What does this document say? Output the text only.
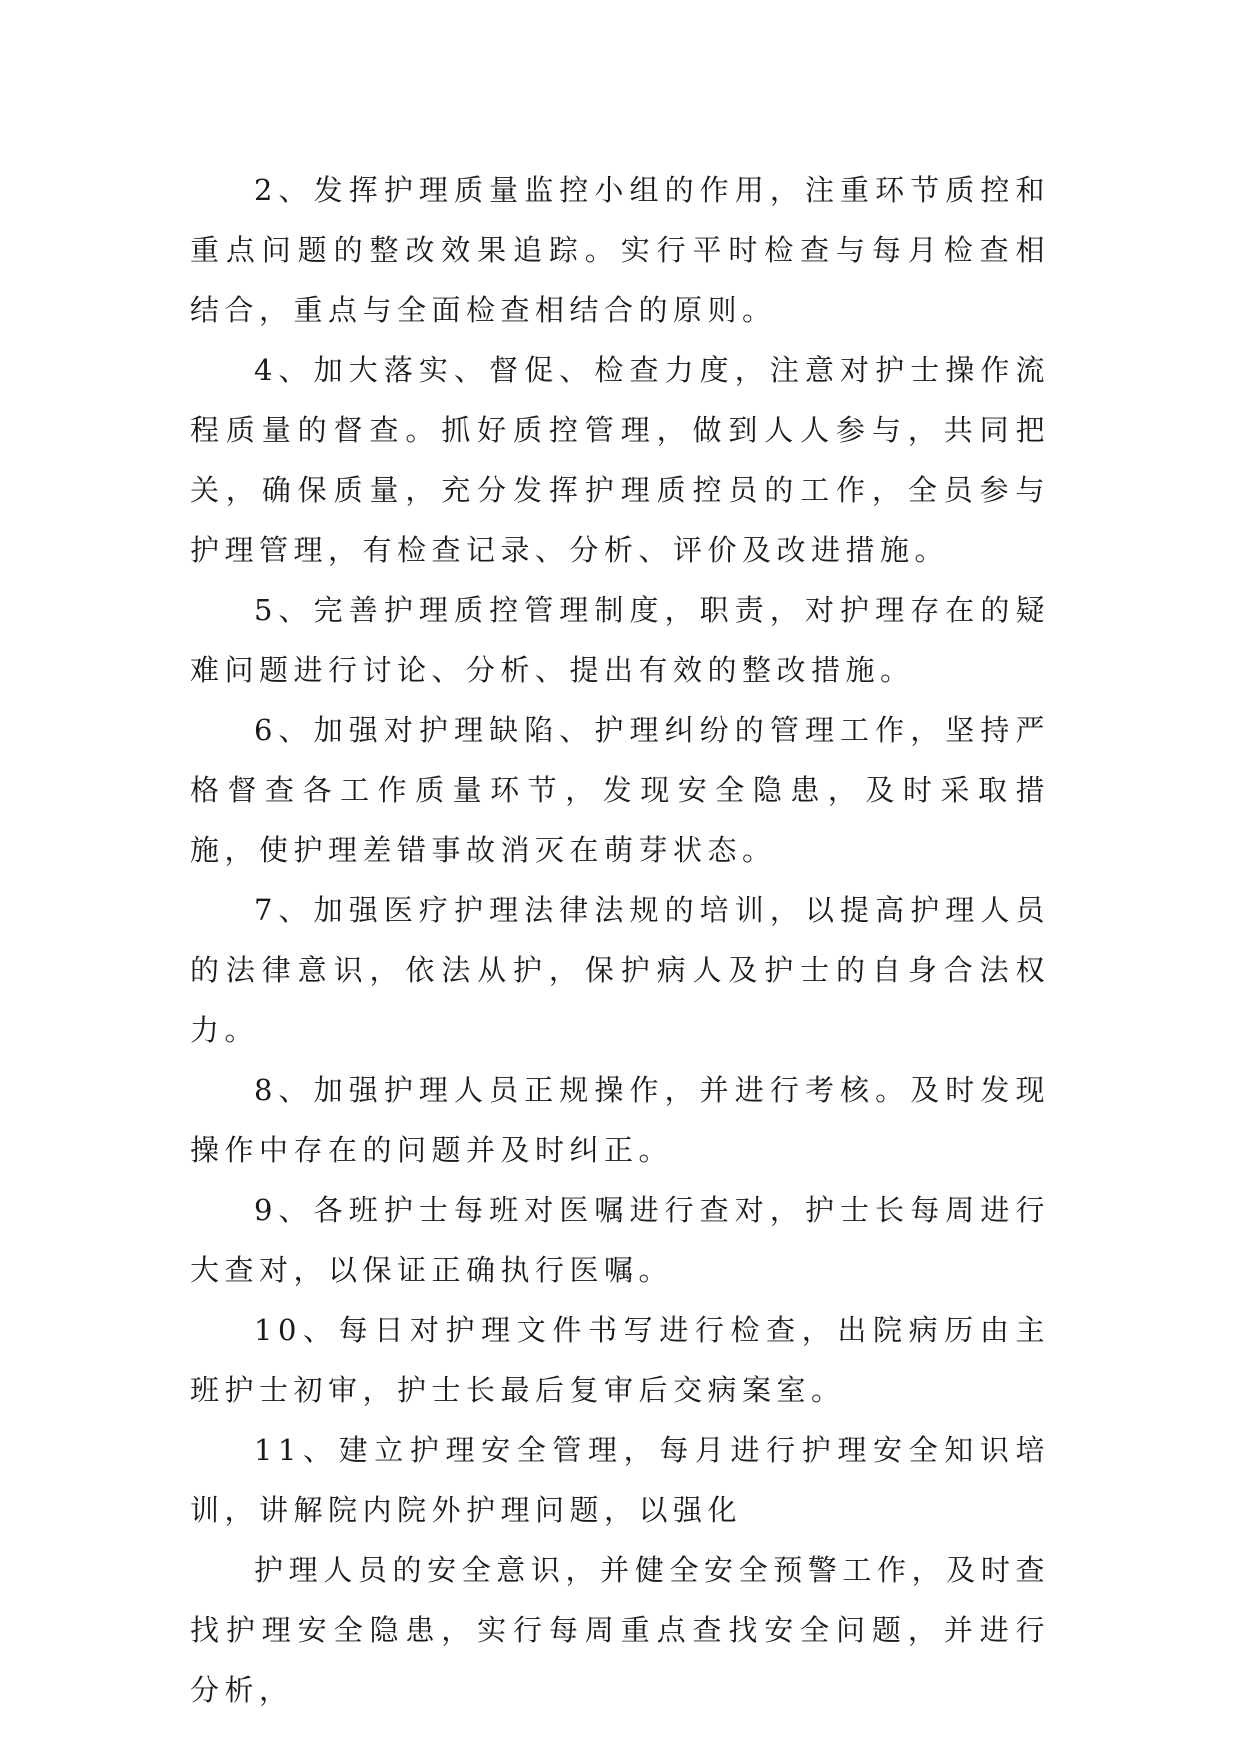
2、发挥护理质量监控小组的作用，注重环节质控和重点问题的整改效果追踪。实行平时检查与每月检查相结合，重点与全面检查相结合的原则。

4、加大落实、督促、检查力度，注意对护士操作流程质量的督查。抓好质控管理，做到人人参与，共同把关，确保质量，充分发挥护理质控员的工作，全员参与护理管理，有检查记录、分析、评价及改进措施。

5、完善护理质控管理制度，职责，对护理存在的疑难问题进行讨论、分析、提出有效的整改措施。

6、加强对护理缺陷、护理纠纷的管理工作，坚持严格督查各工作质量环节，发现安全隐患，及时采取措施，使护理差错事故消灭在萌芽状态。

7、加强医疗护理法律法规的培训，以提高护理人员的法律意识，依法从护，保护病人及护士的自身合法权力。

8、加强护理人员正规操作，并进行考核。及时发现操作中存在的问题并及时纠正。

9、各班护士每班对医嘱进行查对，护士长每周进行大查对，以保证正确执行医嘱。

10、每日对护理文件书写进行检查，出院病历由主班护士初审，护士长最后复审后交病案室。

11、建立护理安全管理，每月进行护理安全知识培训，讲解院内院外护理问题，以强化

护理人员的安全意识，并健全安全预警工作，及时查找护理安全隐患，实行每周重点查找安全问题，并进行分析，
